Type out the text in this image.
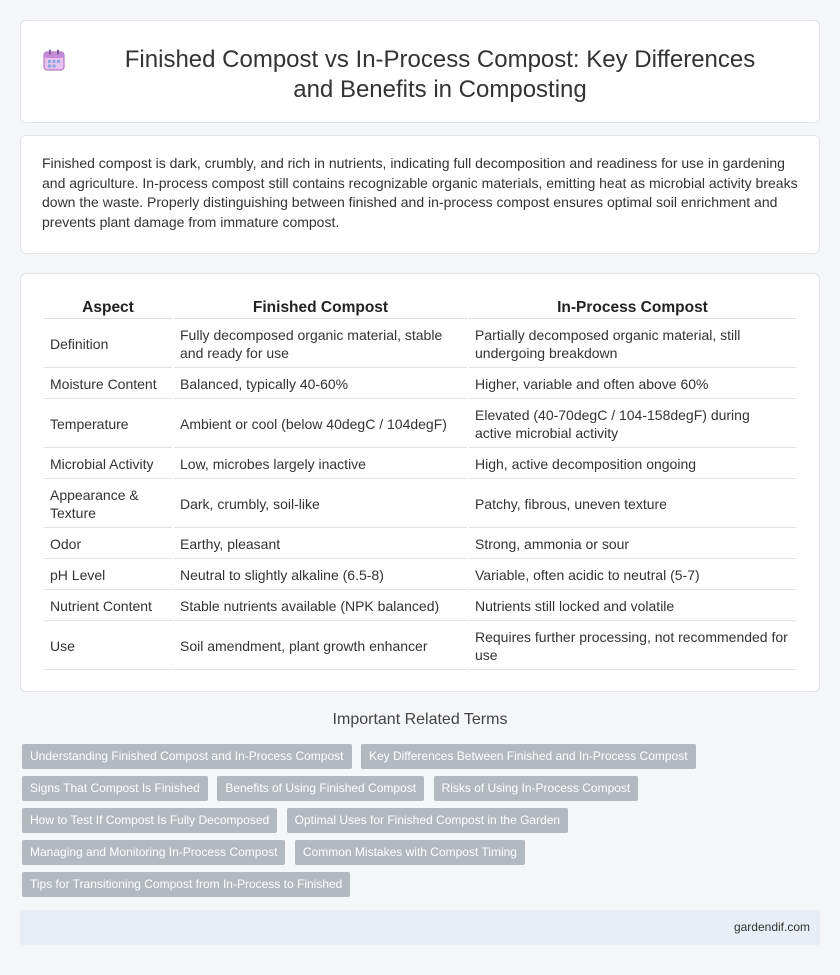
Finished Compost vs In-Process Compost: Key Differences and Benefits in Composting

Finished compost is dark, crumbly, and rich in nutrients, indicating full decomposition and readiness for use in gardening and agriculture. In-process compost still contains recognizable organic materials, emitting heat as microbial activity breaks down the waste. Properly distinguishing between finished and in-process compost ensures optimal soil enrichment and prevents plant damage from immature compost.

Aspect	Finished Compost	In-Process Compost
Definition	Fully decomposed organic material, stable and ready for use	Partially decomposed organic material, still undergoing breakdown
Moisture Content	Balanced, typically 40-60%	Higher, variable and often above 60%
Temperature	Ambient or cool (below 40degC / 104degF)	Elevated (40-70degC / 104-158degF) during active microbial activity
Microbial Activity	Low, microbes largely inactive	High, active decomposition ongoing
Appearance & Texture	Dark, crumbly, soil-like	Patchy, fibrous, uneven texture
Odor	Earthy, pleasant	Strong, ammonia or sour
pH Level	Neutral to slightly alkaline (6.5-8)	Variable, often acidic to neutral (5-7)
Nutrient Content	Stable nutrients available (NPK balanced)	Nutrients still locked and volatile
Use	Soil amendment, plant growth enhancer	Requires further processing, not recommended for use
Important Related Terms
Understanding Finished Compost and In-Process Compost Key Differences Between Finished and In-Process Compost
Signs That Compost Is Finished Benefits of Using Finished Compost Risks of Using In-Process Compost
How to Test If Compost Is Fully Decomposed Optimal Uses for Finished Compost in the Garden
Managing and Monitoring In-Process Compost Common Mistakes with Compost Timing
Tips for Transitioning Compost from In-Process to Finished
gardendif.com
